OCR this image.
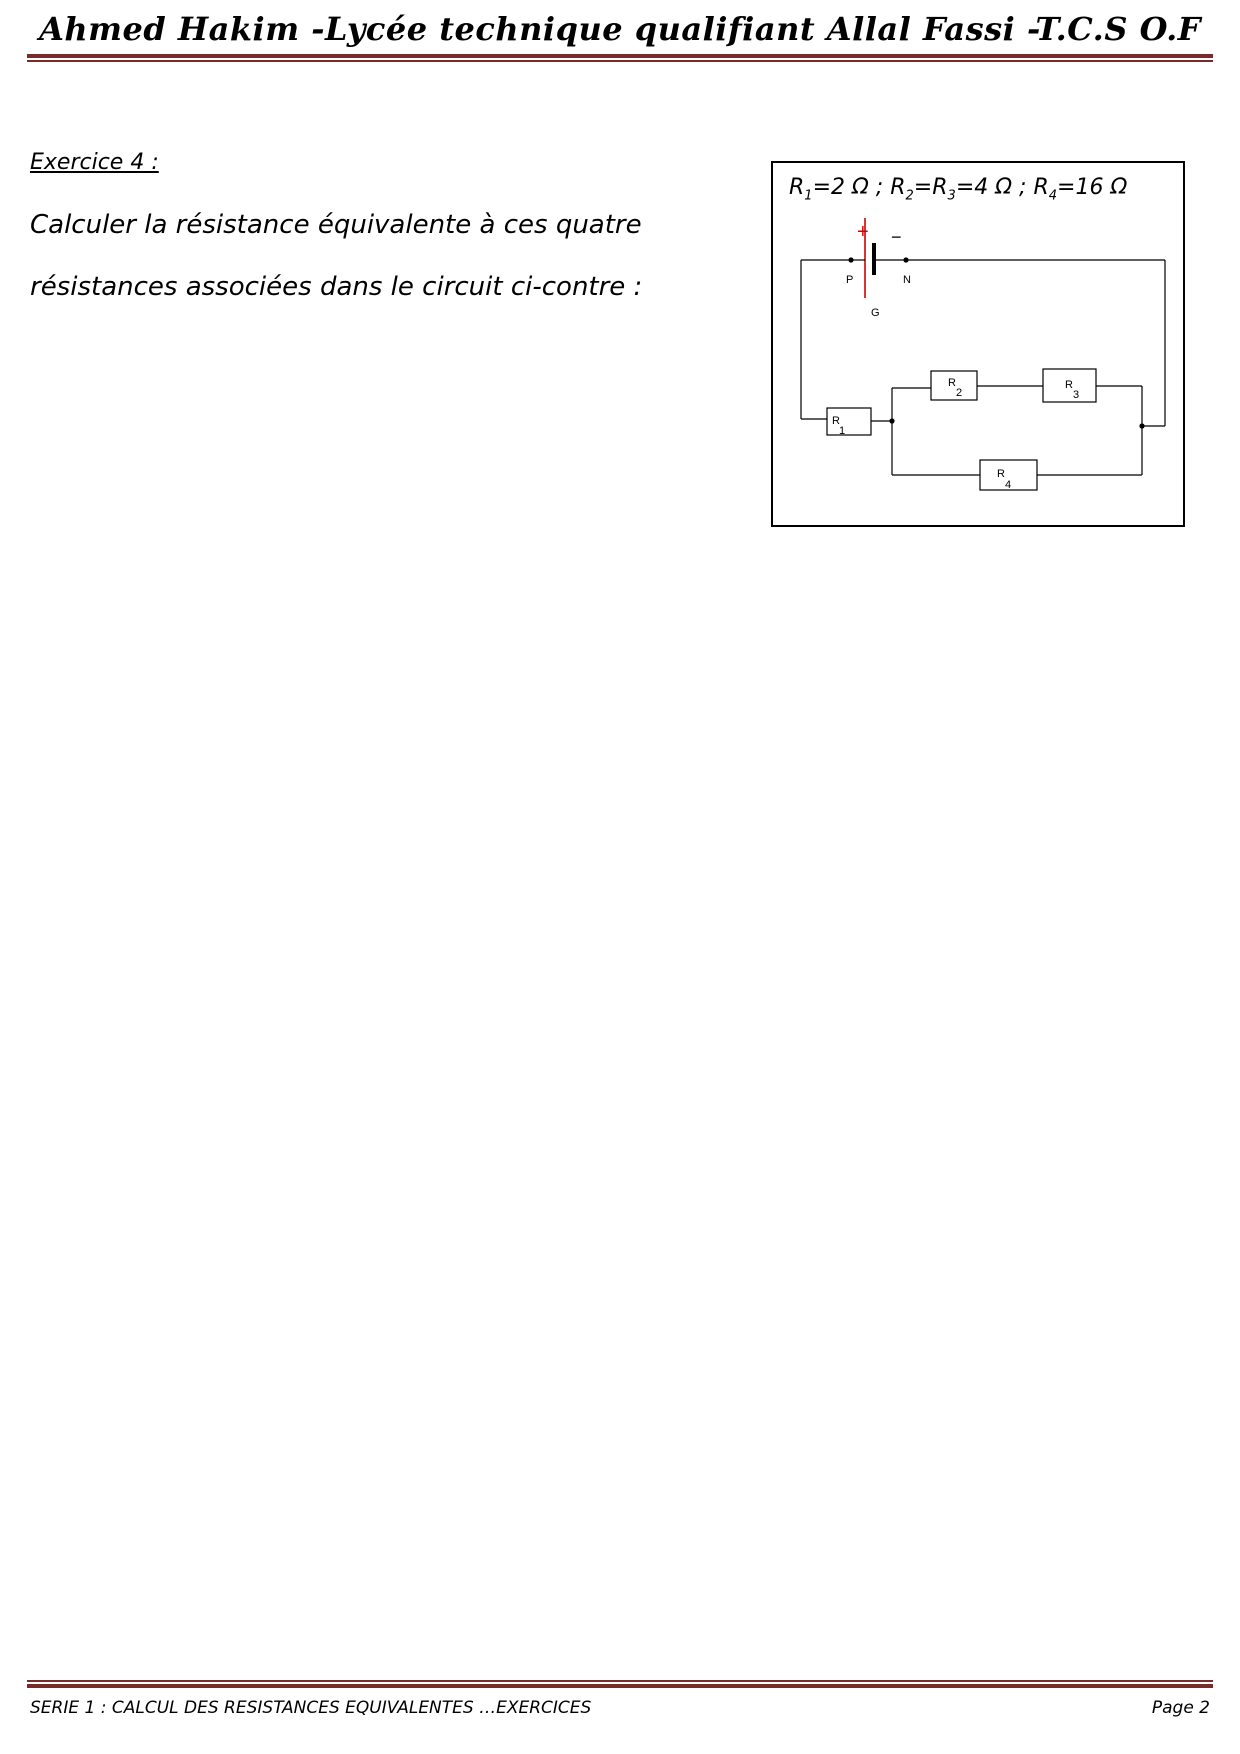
Ahmed Hakim -Lycée technique qualifiant Allal Fassi -T.C.S O.F
Exercice 4 :
Calculer la résistance équivalente à ces quatre
résistances associées dans le circuit ci-contre :
$R_1=2$ Ω ; $R_2=R_3=4$ Ω ; $R_4=16$ Ω
+ −
P	N
G
R
1
R
2
R
3
R
4
SERIE 1 : CALCUL DES RESISTANCES EQUIVALENTES …EXERCICES	Page 2
